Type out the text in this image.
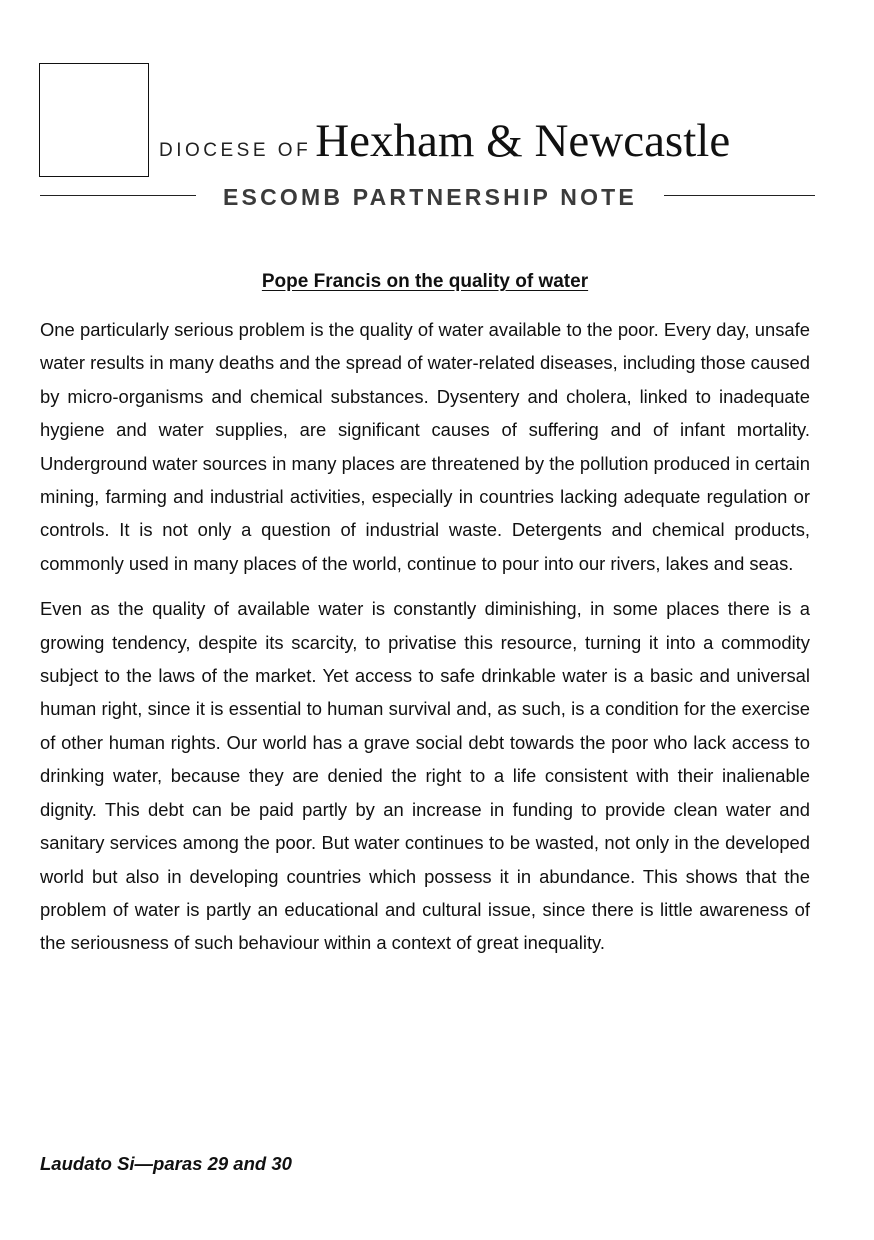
DIOCESE OFHexham & Newcastle
ESCOMB PARTNERSHIP NOTE
Pope Francis on the quality of water

One particularly serious problem is the quality of water available to the poor. Every day, unsafe water results in many deaths and the spread of water-related diseases, including those caused by micro-organisms and chemical substances. Dysentery and cholera, linked to inadequate hygiene and water supplies, are significant causes of suffering and of infant mortality. Underground water sources in many places are threatened by the pollution produced in certain mining, farming and industrial activities, especially in countries lacking adequate regulation or controls. It is not only a question of industrial waste. Detergents and chemical products, commonly used in many places of the world, continue to pour into our rivers, lakes and seas.

Even as the quality of available water is constantly diminishing, in some places there is a growing tendency, despite its scarcity, to privatise this resource, turning it into a commodity subject to the laws of the market. Yet access to safe drinkable water is a basic and universal human right, since it is essential to human survival and, as such, is a condition for the exercise of other human rights. Our world has a grave social debt towards the poor who lack access to drinking water, because they are denied the right to a life consistent with their inalienable dignity. This debt can be paid partly by an increase in funding to provide clean water and sanitary services among the poor. But water continues to be wasted, not only in the developed world but also in developing countries which possess it in abundance. This shows that the problem of water is partly an educational and cultural issue, since there is little awareness of the seriousness of such behaviour within a context of great inequality.

Laudato Si—paras 29 and 30
